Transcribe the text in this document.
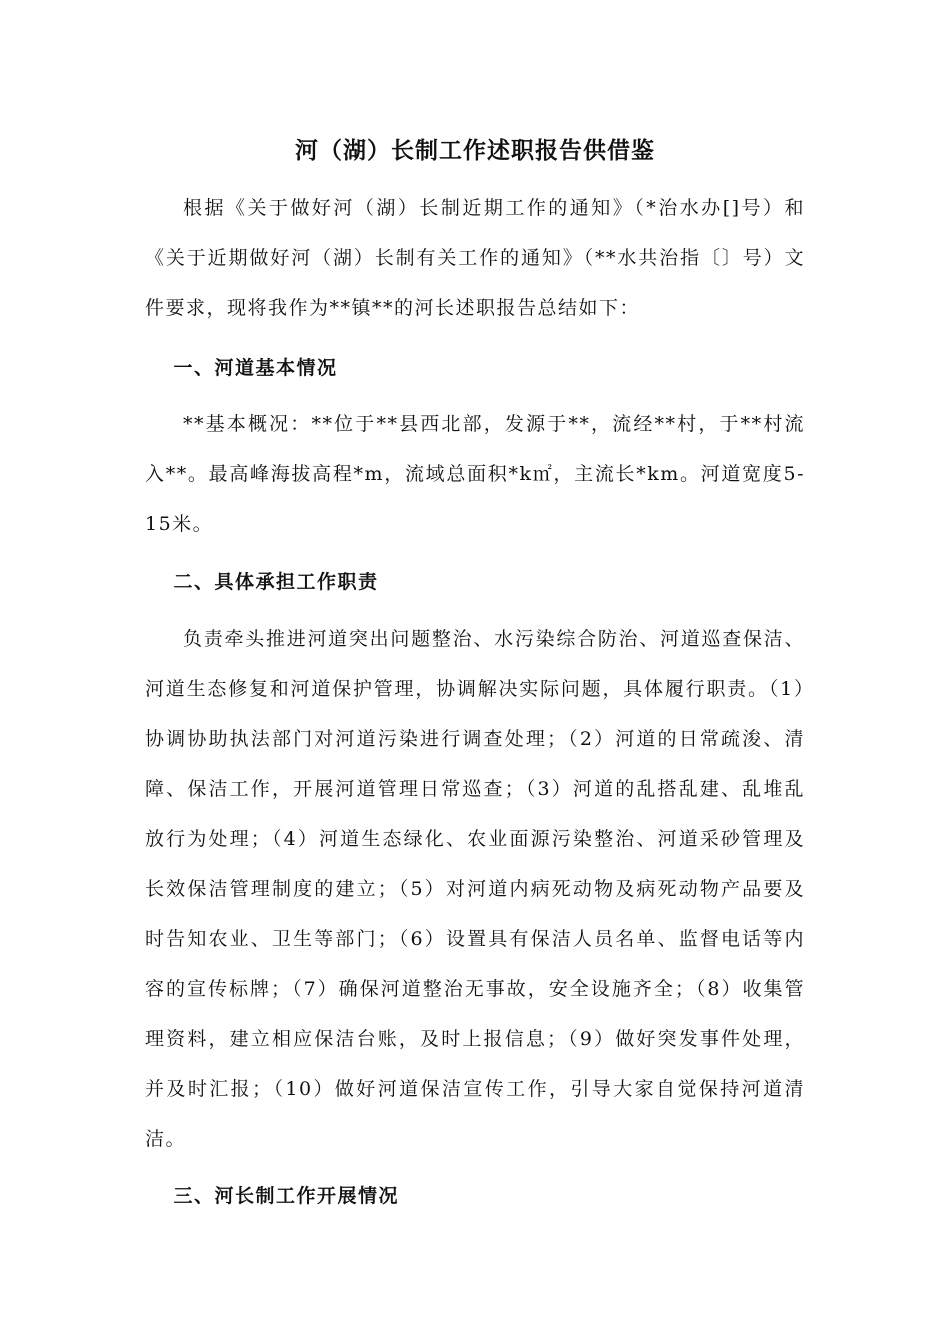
河（湖）长制工作述职报告供借鉴

根据《关于做好河（湖）长制近期工作的通知》（*治水办[]号）和《关于近期做好河（湖）长制有关工作的通知》（**水共治指〔〕号）文件要求，现将我作为**镇**的河长述职报告总结如下：

一、河道基本情况

**基本概况：**位于**县西北部，发源于**，流经**村，于**村流入**。最高峰海拔高程*m，流域总面积*k㎡，主流长*km。河道宽度5-15米。

二、具体承担工作职责

负责牵头推进河道突出问题整治、水污染综合防治、河道巡查保洁、河道生态修复和河道保护管理，协调解决实际问题，具体履行职责。（1）协调协助执法部门对河道污染进行调查处理；（2）河道的日常疏浚、清障、保洁工作，开展河道管理日常巡查；（3）河道的乱搭乱建、乱堆乱放行为处理；（4）河道生态绿化、农业面源污染整治、河道采砂管理及长效保洁管理制度的建立；（5）对河道内病死动物及病死动物产品要及时告知农业、卫生等部门；（6）设置具有保洁人员名单、监督电话等内容的宣传标牌；（7）确保河道整治无事故，安全设施齐全；（8）收集管理资料，建立相应保洁台账，及时上报信息；（9）做好突发事件处理，并及时汇报；（10）做好河道保洁宣传工作，引导大家自觉保持河道清洁。

三、河长制工作开展情况
